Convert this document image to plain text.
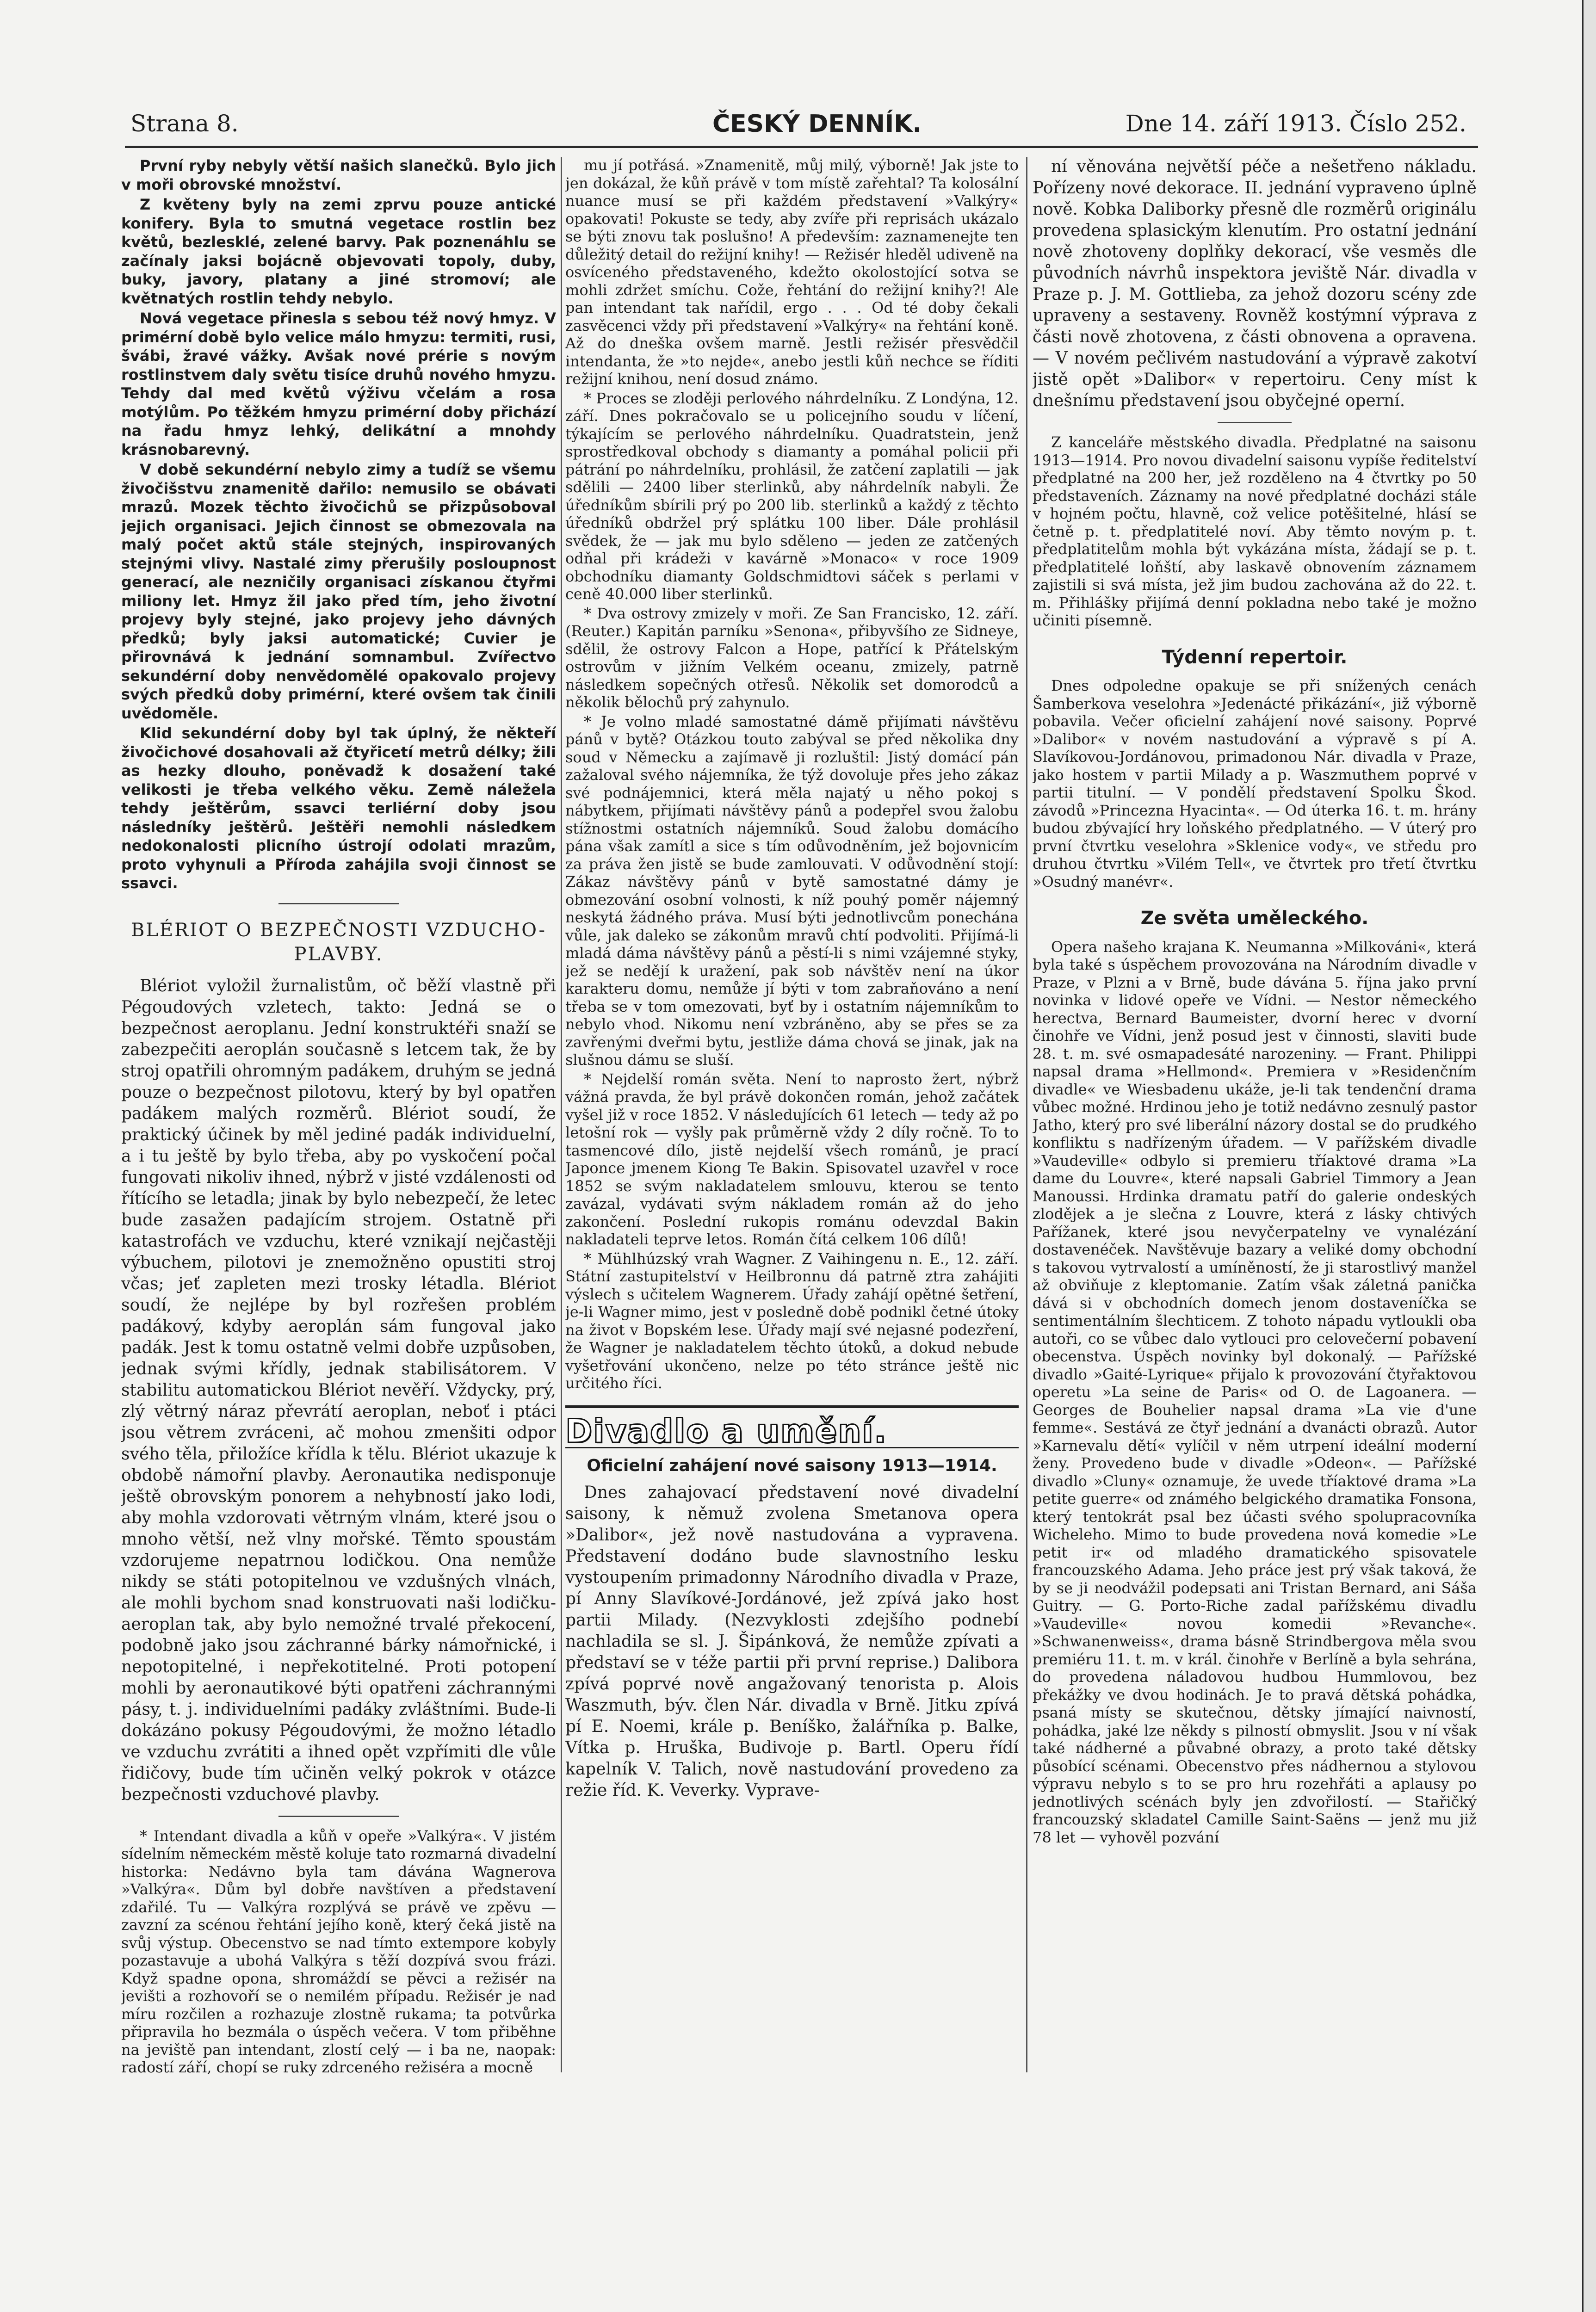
Strana 8.	ČESKÝ DENNÍK.	Dne 14. září 1913. Číslo 252.

První ryby nebyly větší našich slanečků. Bylo jich v moři obrovské množství.

Z květeny byly na zemi zprvu pouze antické konifery. Byla to smutná vegetace rostlin bez květů, bezlesklé, zelené barvy. Pak poznenáhlu se začínaly jaksi bojácně objevovati topoly, duby, buky, javory, platany a jiné stromoví; ale květnatých rostlin tehdy nebylo.

Nová vegetace přinesla s sebou též nový hmyz. V primérní době bylo velice málo hmyzu: termiti, rusi, švábi, žravé vážky. Avšak nové prérie s novým rostlinstvem daly světu tisíce druhů nového hmyzu. Tehdy dal med květů výživu včelám a rosa motýlům. Po těžkém hmyzu primérní doby přichází na řadu hmyz lehký, delikátní a mnohdy krásnobarevný.

V době sekundérní nebylo zimy a tudíž se všemu živočišstvu znamenitě dařilo: nemusilo se obávati mrazů. Mozek těchto živočichů se přizpůsoboval jejich organisaci. Jejich činnost se obmezovala na malý počet aktů stále stejných, inspirovaných stejnými vlivy. Nastalé zimy přerušily posloupnost generací, ale nezničily organisaci získanou čtyřmi miliony let. Hmyz žil jako před tím, jeho životní projevy byly stejné, jako projevy jeho dávných předků; byly jaksi automatické; Cuvier je přirovnává k jednání somnambul. Zvířectvo sekundérní doby nenvědomělé opakovalo projevy svých předků doby primérní, které ovšem tak činili uvědoměle.

Klid sekundérní doby byl tak úplný, že někteří živočichové dosahovali až čtyřicetí metrů délky; žili as hezky dlouho, poněvadž k dosažení také velikosti je třeba velkého věku. Země náležela tehdy ještěrům, ssavci terliérní doby jsou následníky ještěrů. Ještěři nemohli následkem nedokonalosti plicního ústrojí odolati mrazům, proto vyhynuli a Příroda zahájila svoji činnost se ssavci.

BLÉRIOT O BEZPEČNOSTI VZDUCHO- PLAVBY.

Blériot vyložil žurnalistům, oč běží vlastně při Pégoudových vzletech, takto: Jedná se o bezpečnost aeroplanu. Jední konstruktéři snaží se zabezpečiti aeroplán současně s letcem tak, že by stroj opatřili ohromným padákem, druhým se jedná pouze o bezpečnost pilotovu, který by byl opatřen padákem malých rozměrů. Blériot soudí, že praktický účinek by měl jediné padák individuelní, a i tu ještě by bylo třeba, aby po vyskočení počal fungovati nikoliv ihned, nýbrž v jisté vzdálenosti od řítícího se letadla; jinak by bylo nebezpečí, že letec bude zasažen padajícím strojem. Ostatně při katastrofách ve vzduchu, které vznikají nejčastěji výbuchem, pilotovi je znemožněno opustiti stroj včas; jeť zapleten mezi trosky létadla. Blériot soudí, že nejlépe by byl rozřešen problém padákový, kdyby aeroplán sám fungoval jako padák. Jest k tomu ostatně velmi dobře uzpůsoben, jednak svými křídly, jednak stabilisátorem. V stabilitu automatickou Blériot nevěří. Vždycky, prý, zlý větrný náraz převrátí aeroplan, neboť i ptáci jsou větrem zvráceni, ač mohou zmenšiti odpor svého těla, přiložíce křídla k tělu. Blériot ukazuje k obdobě námořní plavby. Aeronautika nedisponuje ještě obrovským ponorem a nehybností jako lodi, aby mohla vzdorovati větrným vlnám, které jsou o mnoho větší, než vlny mořské. Těmto spoustám vzdorujeme nepatrnou lodičkou. Ona nemůže nikdy se státi potopitelnou ve vzdušných vlnách, ale mohli bychom snad konstruovati naši lodičku-aeroplan tak, aby bylo nemožné trvalé překocení, podobně jako jsou záchranné bárky námořnické, i nepotopitelné, i nepřekotitelné. Proti potopení mohli by aeronautikové býti opatřeni záchrannými pásy, t. j. individuelními padáky zvláštními. Bude-li dokázáno pokusy Pégoudovými, že možno létadlo ve vzduchu zvrátiti a ihned opět vzpřímiti dle vůle řidičovy, bude tím učiněn velký pokrok v otázce bezpečnosti vzduchové plavby.

* Intendant divadla a kůň v opeře »Valkýra«. V jistém sídelním německém městě koluje tato rozmarná divadelní historka: Nedávno byla tam dávána Wagnerova »Valkýra«. Dům byl dobře navštíven a představení zdařilé. Tu — Valkýra rozplývá se právě ve zpěvu — zavzní za scénou řehtání jejího koně, který čeká jistě na svůj výstup. Obecenstvo se nad tímto extempore kobyly pozastavuje a ubohá Valkýra s těží dozpívá svou frázi. Když spadne opona, shromáždí se pěvci a režisér na jevišti a rozhovoří se o nemilém případu. Režisér je nad míru rozčilen a rozhazuje zlostně rukama; ta potvůrka připravila ho bezmála o úspěch večera. V tom přiběhne na jeviště pan intendant, zlostí celý — i ba ne, naopak: radostí září, chopí se ruky zdrceného režiséra a mocně

mu jí potřásá. »Znamenitě, můj milý, výborně! Jak jste to jen dokázal, že kůň právě v tom místě zařehtal? Ta kolosální nuance musí se při každém představení »Valkýry« opakovati! Pokuste se tedy, aby zvíře při reprisách ukázalo se býti znovu tak poslušno! A především: zaznamenejte ten důležitý detail do režijní knihy! — Režisér hleděl udiveně na osvíceného představeného, kdežto okolostojící sotva se mohli zdržet smíchu. Cože, řehtání do režijní knihy?! Ale pan intendant tak nařídil, ergo . . . Od té doby čekali zasvěcenci vždy při představení »Valkýry« na řehtání koně. Až do dneška ovšem marně. Jestli režisér přesvědčil intendanta, že »to nejde«, anebo jestli kůň nechce se říditi režijní knihou, není dosud známo.

* Proces se zloději perlového náhrdelníku. Z Londýna, 12. září. Dnes pokračovalo se u policejního soudu v líčení, týkajícím se perlového náhrdelníku. Quadratstein, jenž sprostředkoval obchody s diamanty a pomáhal policii při pátrání po náhrdelníku, prohlásil, že zatčení zaplatili — jak sdělili — 2400 liber sterlinků, aby náhrdelník nabyli. Že úředníkům sbírili prý po 200 lib. sterlinků a každý z těchto úředníků obdržel prý splátku 100 liber. Dále prohlásil svědek, že — jak mu bylo sděleno — jeden ze zatčených odňal při krádeži v kavárně »Monaco« v roce 1909 obchodníku diamanty Goldschmidtovi sáček s perlami v ceně 40.000 liber sterlinků.

* Dva ostrovy zmizely v moři. Ze San Francisko, 12. září. (Reuter.) Kapitán parníku »Senona«, přibyvšího ze Sidneye, sdělil, že ostrovy Falcon a Hope, patřící k Přátelským ostrovům v jižním Velkém oceanu, zmizely, patrně následkem sopečných otřesů. Několik set domorodců a několik bělochů prý zahynulo.

* Je volno mladé samostatné dámě přijímati návštěvu pánů v bytě? Otázkou touto zabýval se před několika dny soud v Německu a zajímavě ji rozluštil: Jistý domácí pán zažaloval svého nájemníka, že týž dovoluje přes jeho zákaz své podnájemnici, která měla najatý u něho pokoj s nábytkem, přijímati návštěvy pánů a podepřel svou žalobu stížnostmi ostatních nájemníků. Soud žalobu domácího pána však zamítl a sice s tím odůvodněním, jež bojovnicím za práva žen jistě se bude zamlouvati. V odůvodnění stojí: Zákaz návštěvy pánů v bytě samostatné dámy je obmezování osobní volnosti, k níž pouhý poměr nájemný neskytá žádného práva. Musí býti jednotlivcům ponechána vůle, jak daleko se zákonům mravů chtí podvoliti. Přijímá-li mladá dáma návštěvy pánů a pěstí-li s nimi vzájemné styky, jež se nedějí k uražení, pak sob návštěv není na úkor karakteru domu, nemůže jí býti v tom zabraňováno a není třeba se v tom omezovati, byť by i ostatním nájemníkům to nebylo vhod. Nikomu není vzbráněno, aby se přes se za zavřenými dveřmi bytu, jestliže dáma chová se jinak, jak na slušnou dámu se sluší.

* Nejdelší román světa. Není to naprosto žert, nýbrž vážná pravda, že byl právě dokončen román, jehož začátek vyšel již v roce 1852. V následujících 61 letech — tedy až po letošní rok — vyšly pak průměrně vždy 2 díly ročně. To to tasmencové dílo, jistě nejdelší všech románů, je prací Japonce jmenem Kiong Te Bakin. Spisovatel uzavřel v roce 1852 se svým nakladatelem smlouvu, kterou se tento zavázal, vydávati svým nákladem román až do jeho zakončení. Poslední rukopis románu odevzdal Bakin nakladateli teprve letos. Román čítá celkem 106 dílů!

* Mühlhúzský vrah Wagner. Z Vaihingenu n. E., 12. září. Státní zastupitelství v Heilbronnu dá patrně ztra zahájiti výslech s učitelem Wagnerem. Úřady zahájí opětné šetření, je-li Wagner mimo, jest v posledně době podnikl četné útoky na život v Bopském lese. Úřady mají své nejasné podezření, že Wagner je nakladatelem těchto útoků, a dokud nebude vyšetřování ukončeno, nelze po této stránce ještě nic určitého říci.

Divadlo a umění.
Oficielní zahájení nové saisony 1913—1914.

Dnes zahajovací představení nové divadelní saisony, k němuž zvolena Smetanova opera »Dalibor«, jež nově nastudována a vypravena. Představení dodáno bude slavnostního lesku vystoupením primadonny Národního divadla v Praze, pí Anny Slavíkové-Jordánové, jež zpívá jako host partii Milady. (Nezvyklosti zdejšího podnebí nachladila se sl. J. Šipánková, že nemůže zpívati a představí se v téže partii při první reprise.) Dalibora zpívá poprvé nově angažovaný tenorista p. Alois Waszmuth, býv. člen Nár. divadla v Brně. Jitku zpívá pí E. Noemi, krále p. Beníško, žalářníka p. Balke, Vítka p. Hruška, Budivoje p. Bartl. Operu řídí kapelník V. Talich, nově nastudování provedeno za režie říd. K. Veverky. Vyprave-

ní věnována největší péče a nešetřeno nákladu. Pořízeny nové dekorace. II. jednání vypraveno úplně nově. Kobka Daliborky přesně dle rozměrů originálu provedena splasickým klenutím. Pro ostatní jednání nově zhotoveny doplňky dekorací, vše vesměs dle původních návrhů inspektora jeviště Nár. divadla v Praze p. J. M. Gottlieba, za jehož dozoru scény zde upraveny a sestaveny. Rovněž kostýmní výprava z části nově zhotovena, z části obnovena a opravena. — V novém pečlivém nastudování a výpravě zakotví jistě opět »Dalibor« v repertoiru. Ceny míst k dnešnímu představení jsou obyčejné operní.

Z kanceláře městského divadla. Předplatné na saisonu 1913—1914. Pro novou divadelní saisonu vypíše ředitelství předplatné na 200 her, jež rozděleno na 4 čtvrtky po 50 představeních. Záznamy na nové předplatné docházi stále v hojném počtu, hlavně, což velice potěšitelné, hlásí se četně p. t. předplatitelé noví. Aby těmto novým p. t. předplatitelům mohla být vykázána místa, žádají se p. t. předplatitelé loňští, aby laskavě obnovením záznamem zajistili si svá místa, jež jim budou zachována až do 22. t. m. Přihlášky přijímá denní pokladna nebo také je možno učiniti písemně.

Týdenní repertoir.

Dnes odpoledne opakuje se při snížených cenách Šamberkova veselohra »Jedenácté přikázání«, již výborně pobavila. Večer oficielní zahájení nové saisony. Poprvé »Dalibor« v novém nastudování a výpravě s pí A. Slavíkovou-Jordánovou, primadonou Nár. divadla v Praze, jako hostem v partii Milady a p. Waszmuthem poprvé v partii titulní. — V pondělí představení Spolku Škod. závodů »Princezna Hyacinta«. — Od úterka 16. t. m. hrány budou zbývající hry loňského předplatného. — V úterý pro první čtvrtku veselohra »Sklenice vody«, ve středu pro druhou čtvrtku »Vilém Tell«, ve čtvrtek pro třetí čtvrtku »Osudný manévr«.

Ze světa uměleckého.

Opera našeho krajana K. Neumanna »Milkováni«, která byla také s úspěchem provozována na Národním divadle v Praze, v Plzni a v Brně, bude dávána 5. října jako první novinka v lidové opeře ve Vídni. — Nestor německého herectva, Bernard Baumeister, dvorní herec v dvorní činohře ve Vídni, jenž posud jest v činnosti, slaviti bude 28. t. m. své osmapadesáté narozeniny. — Frant. Philippi napsal drama »Hellmond«. Premiera v »Residenčním divadle« ve Wiesbadenu ukáže, je-li tak tendenční drama vůbec možné. Hrdinou jeho je totiž nedávno zesnulý pastor Jatho, který pro své liberální názory dostal se do prudkého konfliktu s nadřízeným úřadem. — V pařížském divadle »Vaudeville« odbylo si premieru tříaktové drama »La dame du Louvre«, které napsali Gabriel Timmory a Jean Manoussi. Hrdinka dramatu patří do galerie ondeských zlodějek a je slečna z Louvre, která z lásky chtivých Pařížanek, které jsou nevyčerpatelny ve vynalézání dostavenéček. Navštěvuje bazary a veliké domy obchodní s takovou vytrvalostí a umíněností, že ji starostlivý manžel až obviňuje z kleptomanie. Zatím však záletná panička dává si v obchodních domech jenom dostaveníčka se sentimentálním šlechticem. Z tohoto nápadu vytloukli oba autoři, co se vůbec dalo vytlouci pro celovečerní pobavení obecenstva. Úspěch novinky byl dokonalý. — Pařížské divadlo »Gaité-Lyrique« přijalo k provozování čtyřaktovou operetu »La seine de Paris« od O. de Lagoanera. — Georges de Bouhelier napsal drama »La vie d'une femme«. Sestává ze čtyř jednání a dvanácti obrazů. Autor »Karnevalu dětí« vylíčil v něm utrpení ideální moderní ženy. Provedeno bude v divadle »Odeon«. — Pařížské divadlo »Cluny« oznamuje, že uvede tříaktové drama »La petite guerre« od známého belgického dramatika Fonsona, který tentokrát psal bez účasti svého spolupracovníka Wicheleho. Mimo to bude provedena nová komedie »Le petit ir« od mladého dramatického spisovatele francouzského Adama. Jeho práce jest prý však taková, že by se ji neodvážil podepsati ani Tristan Bernard, ani Sáša Guitry. — G. Porto-Riche zadal pařížskému divadlu »Vaudeville« novou komedii »Revanche«. »Schwanenweiss«, drama básně Strindbergova měla svou premiéru 11. t. m. v král. činohře v Berlíně a byla sehrána, do provedena náladovou hudbou Hummlovou, bez překážky ve dvou hodinách. Je to pravá dětská pohádka, psaná místy se skutečnou, dětsky jímající naivností, pohádka, jaké lze někdy s pilností obmyslit. Jsou v ní však také nádherné a půvabné obrazy, a proto také dětsky působící scénami. Obecenstvo přes nádhernou a stylovou výpravu nebylo s to se pro hru rozehřáti a aplausy po jednotlivých scénách byly jen zdvořilostí. — Stařičký francouzský skladatel Camille Saint-Saëns — jenž mu již 78 let — vyhověl pozvání
